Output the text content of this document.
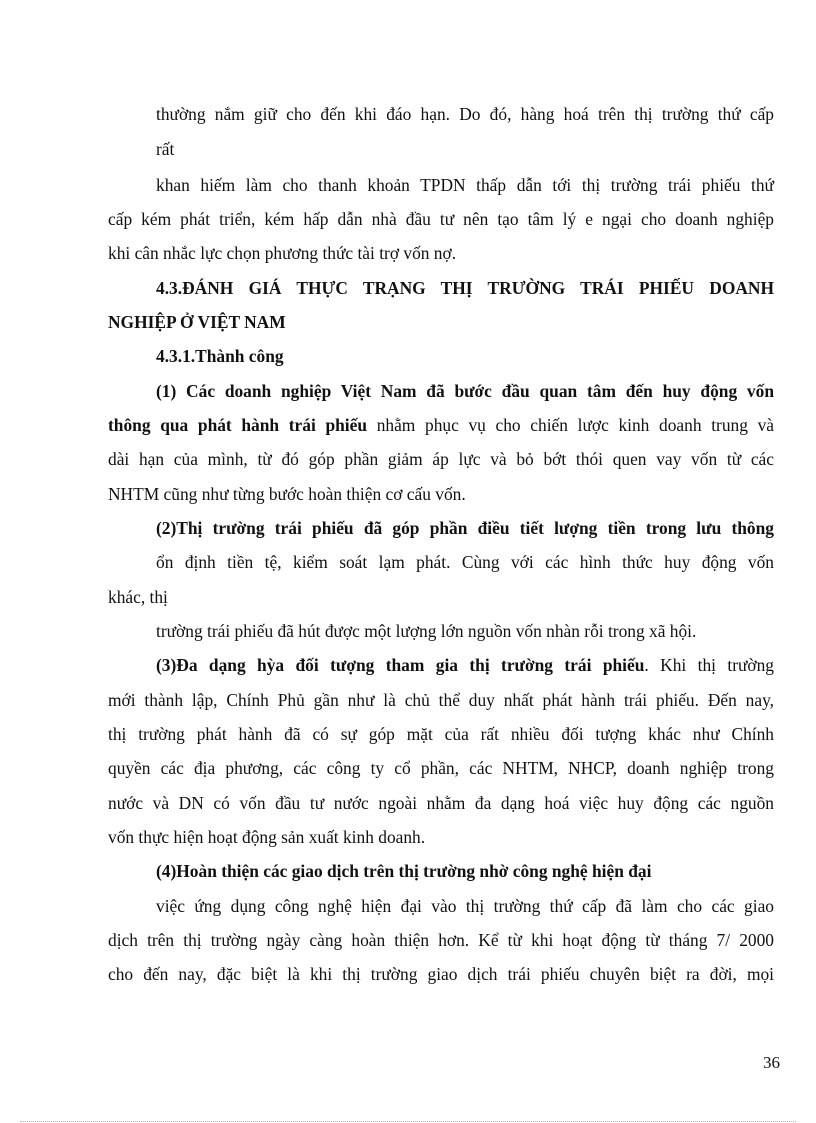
thường nắm giữ cho đến khi đáo hạn. Do đó, hàng hoá trên thị trường thứ cấp
rất
khan hiếm làm cho thanh khoản TPDN thấp dẫn tới thị trường trái phiếu thứ
cấp kém phát triển, kém hấp dẫn nhà đầu tư nên tạo tâm lý e ngại cho doanh nghiệp
khi cân nhắc lực chọn phương thức tài trợ vốn nợ.
4.3.ĐÁNH GIÁ THỰC TRẠNG THỊ TRƯỜNG TRÁI PHIẾU DOANH
NGHIỆP Ở VIỆT NAM
4.3.1.Thành công
(1) Các doanh nghiệp Việt Nam đã bước đầu quan tâm đến huy động vốn
thông qua phát hành trái phiếu nhằm phục vụ cho chiến lược kinh doanh trung và
dài hạn của mình, từ đó góp phần giảm áp lực và bỏ bớt thói quen vay vốn từ các
NHTM cũng như từng bước hoàn thiện cơ cấu vốn.
(2)Thị trường trái phiếu đã góp phần điều tiết lượng tiền trong lưu thông
ổn định tiền tệ, kiểm soát lạm phát. Cùng với các hình thức huy động vốn
khác, thị
trường trái phiếu đã hút được một lượng lớn nguồn vốn nhàn rỗi trong xã hội.
(3)Đa dạng hỳa đối tượng tham gia thị trường trái phiếu. Khi thị trường
mới thành lập, Chính Phủ gần như là chủ thể duy nhất phát hành trái phiếu. Đến nay,
thị trường phát hành đã có sự góp mặt của rất nhiều đối tượng khác như Chính
quyền các địa phương, các công ty cổ phần, các NHTM, NHCP, doanh nghiệp trong
nước và DN có vốn đầu tư nước ngoài nhằm đa dạng hoá việc huy động các nguồn
vốn thực hiện hoạt động sản xuất kinh doanh.
(4)Hoàn thiện các giao dịch trên thị trường nhờ công nghệ hiện đại
việc ứng dụng công nghệ hiện đại vào thị trường thứ cấp đã làm cho các giao
dịch trên thị trường ngày càng hoàn thiện hơn. Kể từ khi hoạt động từ tháng 7/ 2000
cho đến nay, đặc biệt là khi thị trường giao dịch trái phiếu chuyên biệt ra đời, mọi
36
